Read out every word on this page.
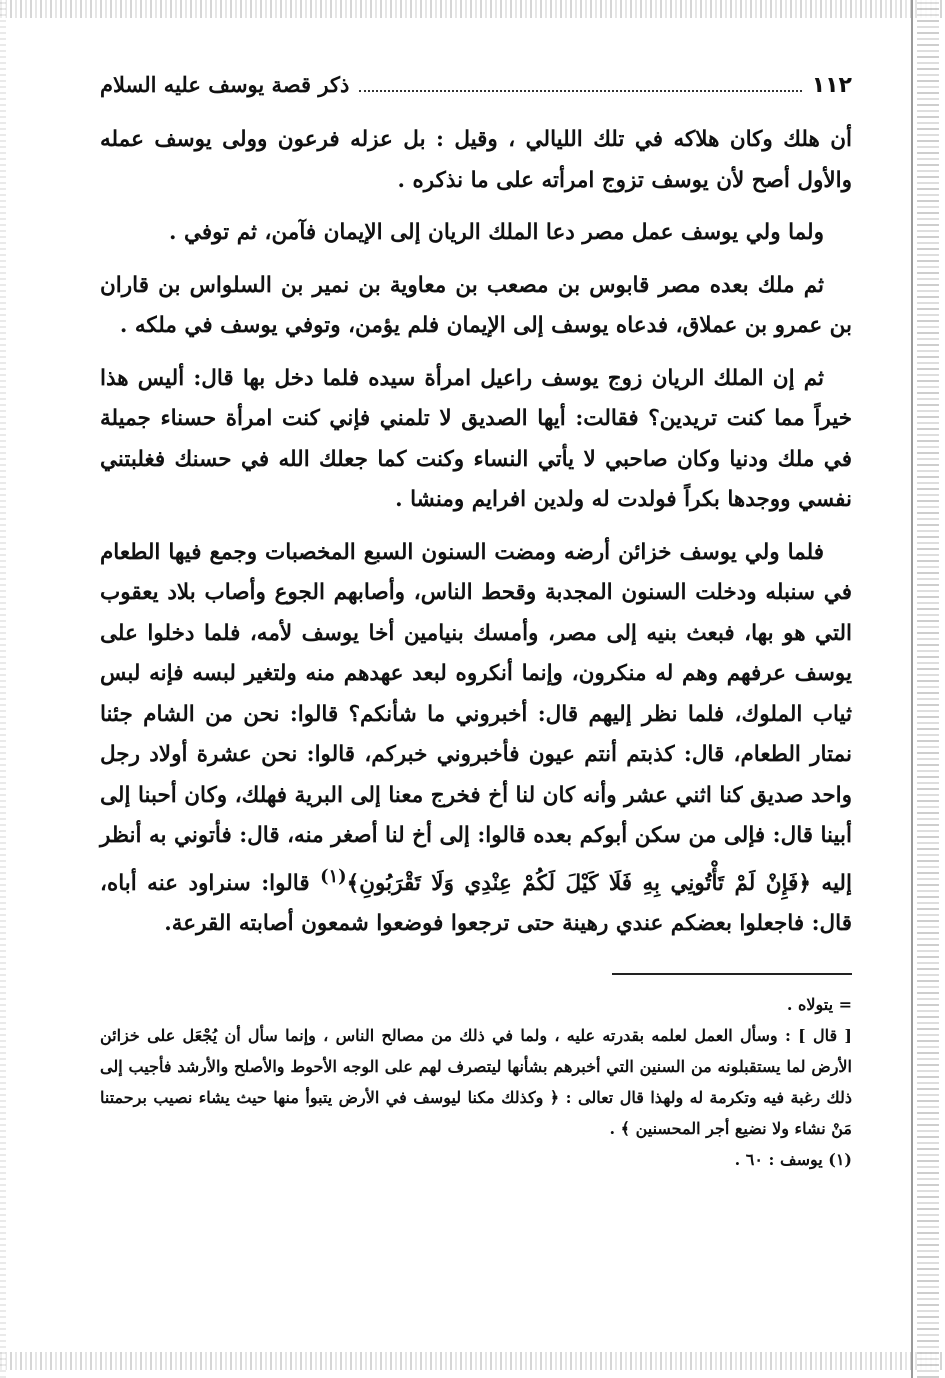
١١٢
ذكر قصة يوسف عليه السلام

أن هلك وكان هلاكه في تلك الليالي ، وقيل : بل عزله فرعون وولى يوسف عمله والأول أصح لأن يوسف تزوج امرأته على ما نذكره .

ولما ولي يوسف عمل مصر دعا الملك الريان إلى الإيمان فآمن، ثم توفي .

ثم ملك بعده مصر قابوس بن مصعب بن معاوية بن نمير بن السلواس بن قاران بن عمرو بن عملاق، فدعاه يوسف إلى الإيمان فلم يؤمن، وتوفي يوسف في ملكه .

ثم إن الملك الريان زوج يوسف راعيل امرأة سيده فلما دخل بها قال: أليس هذا خيراً مما كنت تريدين؟ فقالت: أيها الصديق لا تلمني فإني كنت امرأة حسناء جميلة في ملك ودنيا وكان صاحبي لا يأتي النساء وكنت كما جعلك الله في حسنك فغلبتني نفسي ووجدها بكراً فولدت له ولدين افرايم ومنشا .

فلما ولي يوسف خزائن أرضه ومضت السنون السبع المخصبات وجمع فيها الطعام في سنبله ودخلت السنون المجدبة وقحط الناس، وأصابهم الجوع وأصاب بلاد يعقوب التي هو بها، فبعث بنيه إلى مصر، وأمسك بنيامين أخا يوسف لأمه، فلما دخلوا على يوسف عرفهم وهم له منكرون، وإنما أنكروه لبعد عهدهم منه ولتغير لبسه فإنه لبس ثياب الملوك، فلما نظر إليهم قال: أخبروني ما شأنكم؟ قالوا: نحن من الشام جئنا نمتار الطعام، قال: كذبتم أنتم عيون فأخبروني خبركم، قالوا: نحن عشرة أولاد رجل واحد صديق كنا اثني عشر وأنه كان لنا أخ فخرج معنا إلى البرية فهلك، وكان أحبنا إلى أبينا قال: فإلى من سكن أبوكم بعده قالوا: إلى أخ لنا أصغر منه، قال: فأتوني به أنظر إليه ﴿فَإِنْ لَمْ تَأْتُونِي بِهِ فَلَا كَيْلَ لَكُمْ عِنْدِي وَلَا تَقْرَبُونِ﴾$^{(١)}$ قالوا: سنراود عنه أباه، قال: فاجعلوا بعضكم عندي رهينة حتى ترجعوا فوضعوا شمعون أصابته القرعة.

= يتولاه .

[ قال ] : وسأل العمل لعلمه بقدرته عليه ، ولما في ذلك من مصالح الناس ، وإنما سأل أن يُجْعَل على خزائن الأرض لما يستقبلونه من السنين التي أخبرهم بشأنها ليتصرف لهم على الوجه الأحوط والأصلح والأرشد فأجيب إلى ذلك رغبة فيه وتكرمة له ولهذا قال تعالى : ﴿ وكذلك مكنا ليوسف في الأرض يتبوأ منها حيث يشاء نصيب برحمتنا مَنْ نشاء ولا نضيع أجر المحسنين ﴾ .

(١) يوسف : ٦٠ .
